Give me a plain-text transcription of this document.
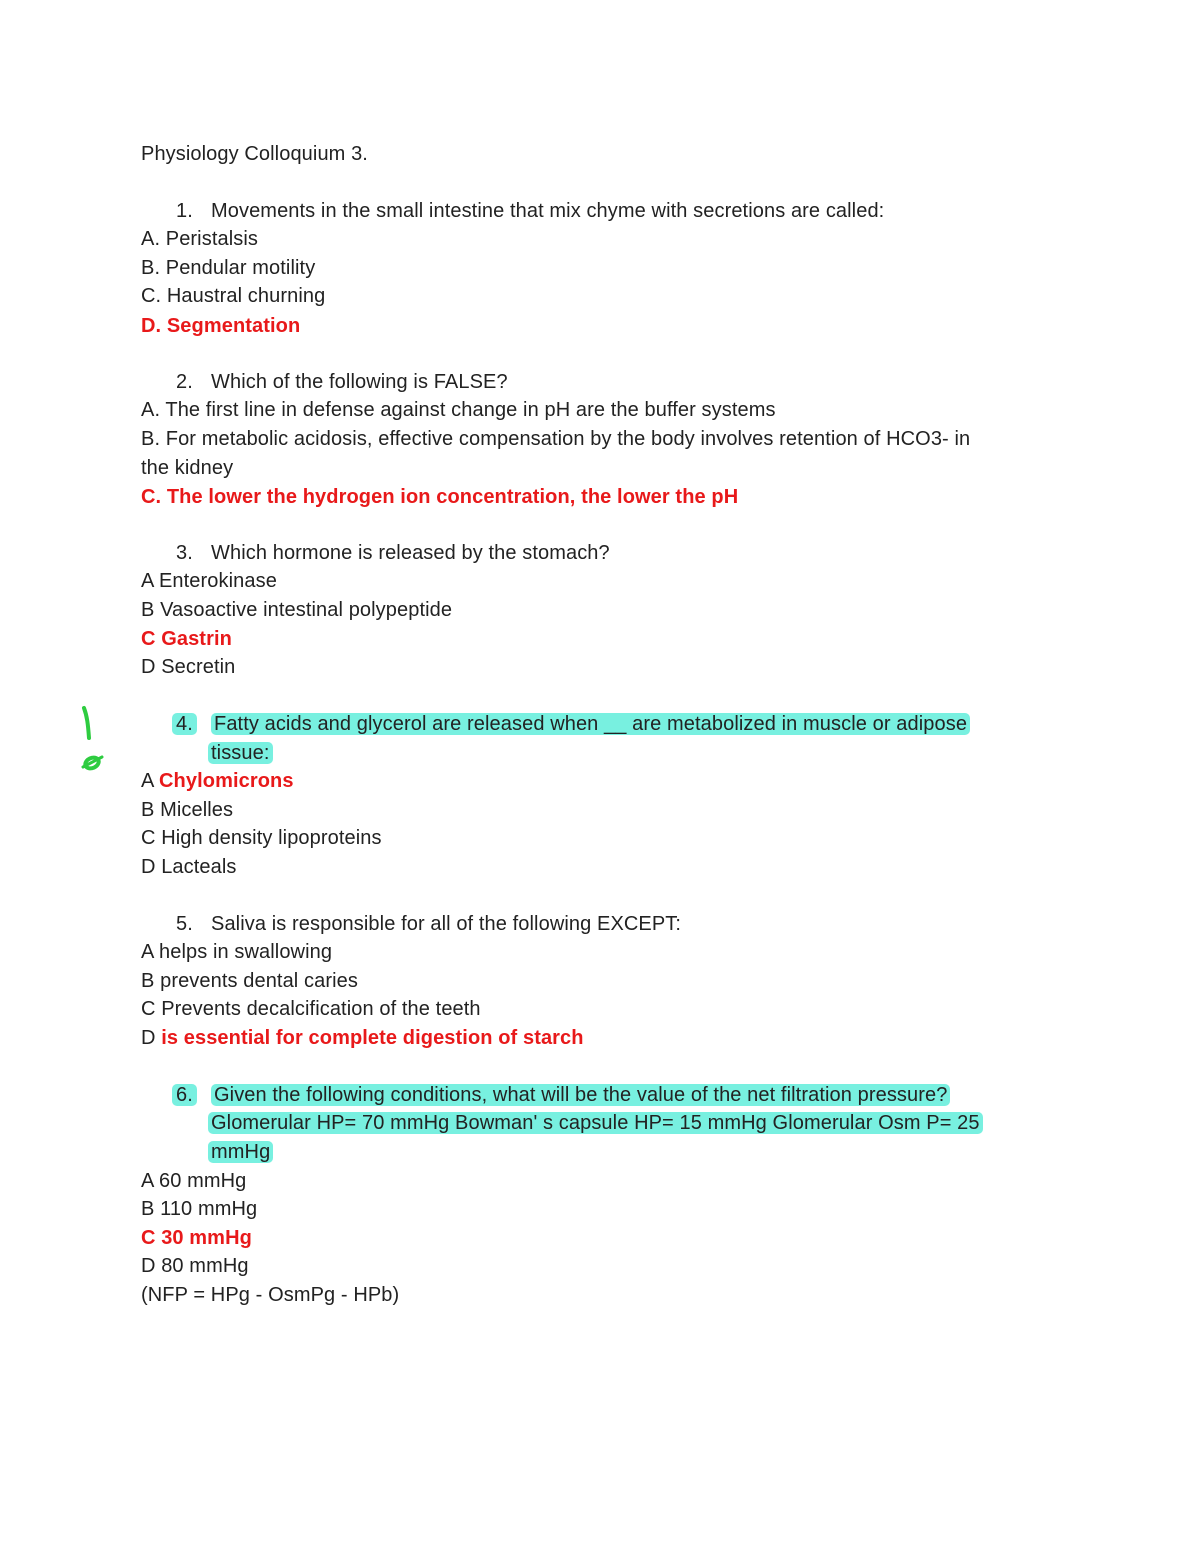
Physiology Colloquium 3.
1. Movements in the small intestine that mix chyme with secretions are called:
A. Peristalsis
B. Pendular motility
C. Haustral churning
D. Segmentation
2. Which of the following is FALSE?
A. The first line in defense against change in pH are the buffer systems
B. For metabolic acidosis, effective compensation by the body involves retention of HCO3- in
the kidney
C. The lower the hydrogen ion concentration, the lower the pH
3. Which hormone is released by the stomach?
A Enterokinase
B Vasoactive intestinal polypeptide
C Gastrin
D Secretin
4. Fatty acids and glycerol are released when __ are metabolized in muscle or adipose
tissue:
A Chylomicrons
B Micelles
C High density lipoproteins
D Lacteals
5. Saliva is responsible for all of the following EXCEPT:
A helps in swallowing
B prevents dental caries
C Prevents decalcification of the teeth
D is essential for complete digestion of starch
6. Given the following conditions, what will be the value of the net filtration pressure?
Glomerular HP= 70 mmHg Bowman' s capsule HP= 15 mmHg Glomerular Osm P= 25
mmHg
A 60 mmHg
B 110 mmHg
C 30 mmHg
D 80 mmHg
(NFP = HPg - OsmPg - HPb)
